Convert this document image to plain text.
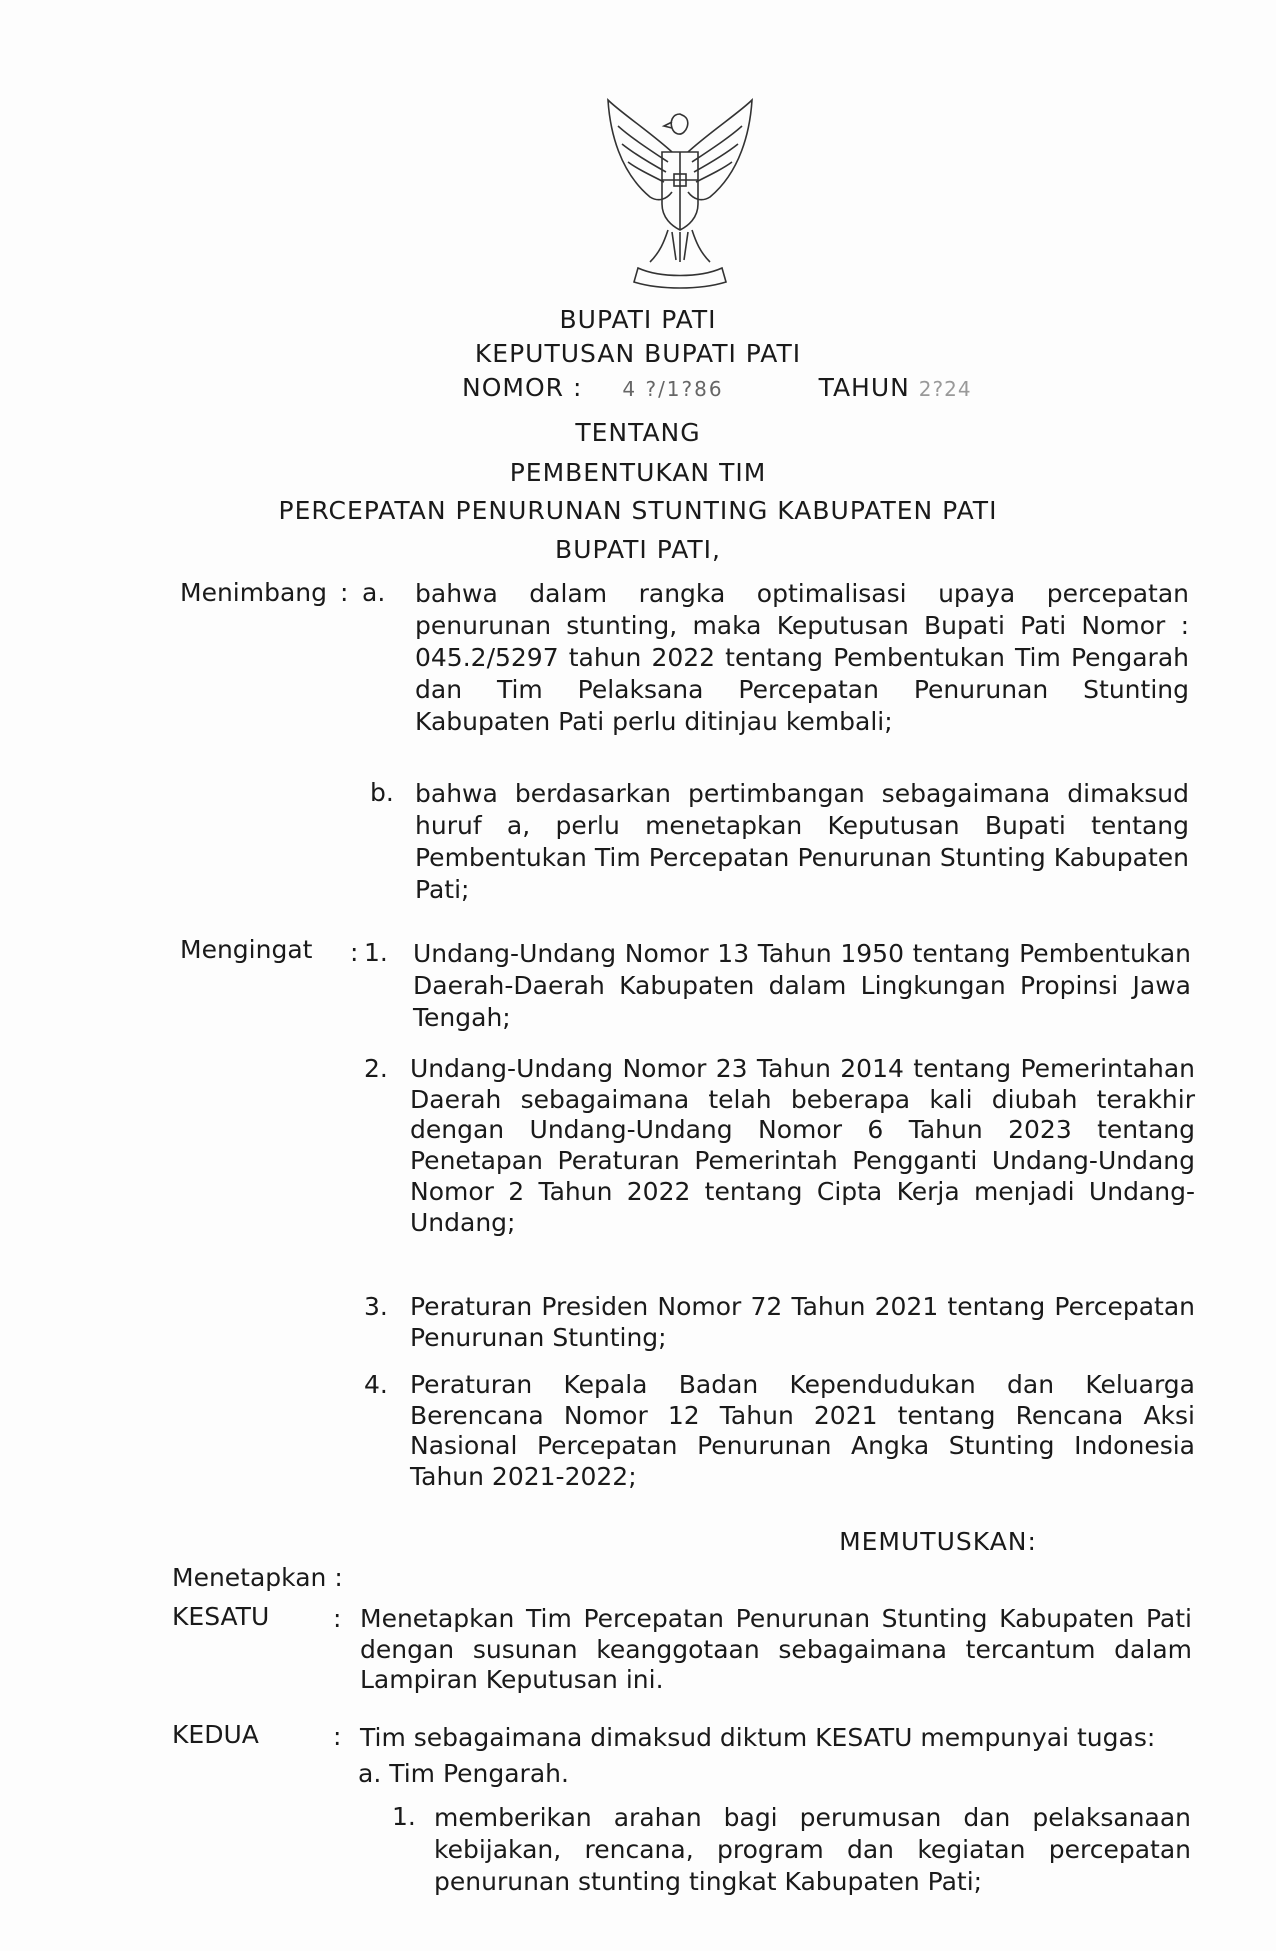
BUPATI PATI
KEPUTUSAN BUPATI PATI
NOMOR : 4 ?/1?86	TAHUN 2?24
TENTANG
PEMBENTUKAN TIM
PERCEPATAN PENURUNAN STUNTING KABUPATEN PATI
BUPATI PATI,
Menimbang : a. bahwa dalam rangka optimalisasi upaya percepatan penurunan stunting, maka Keputusan Bupati Pati Nomor : 045.2/5297 tahun 2022 tentang Pembentukan Tim Pengarah dan Tim Pelaksana Percepatan Penurunan Stunting Kabupaten Pati perlu ditinjau kembali;
b. bahwa berdasarkan pertimbangan sebagaimana dimaksud huruf a, perlu menetapkan Keputusan Bupati tentang Pembentukan Tim Percepatan Penurunan Stunting Kabupaten Pati;
Mengingat : 1. Undang-Undang Nomor 13 Tahun 1950 tentang Pembentukan Daerah-Daerah Kabupaten dalam Lingkungan Propinsi Jawa Tengah;
2. Undang-Undang Nomor 23 Tahun 2014 tentang Pemerintahan Daerah sebagaimana telah beberapa kali diubah terakhir dengan Undang-Undang Nomor 6 Tahun 2023 tentang Penetapan Peraturan Pemerintah Pengganti Undang-Undang Nomor 2 Tahun 2022 tentang Cipta Kerja menjadi Undang-Undang;
3. Peraturan Presiden Nomor 72 Tahun 2021 tentang Percepatan Penurunan Stunting;
4. Peraturan Kepala Badan Kependudukan dan Keluarga Berencana Nomor 12 Tahun 2021 tentang Rencana Aksi Nasional Percepatan Penurunan Angka Stunting Indonesia Tahun 2021-2022;
MEMUTUSKAN:
Menetapkan :
KESATU	: Menetapkan Tim Percepatan Penurunan Stunting Kabupaten Pati dengan susunan keanggotaan sebagaimana tercantum dalam Lampiran Keputusan ini.
KEDUA	: Tim sebagaimana dimaksud diktum KESATU mempunyai tugas:
a. Tim Pengarah.
1. memberikan arahan bagi perumusan dan pelaksanaan kebijakan, rencana, program dan kegiatan percepatan penurunan stunting tingkat Kabupaten Pati;
